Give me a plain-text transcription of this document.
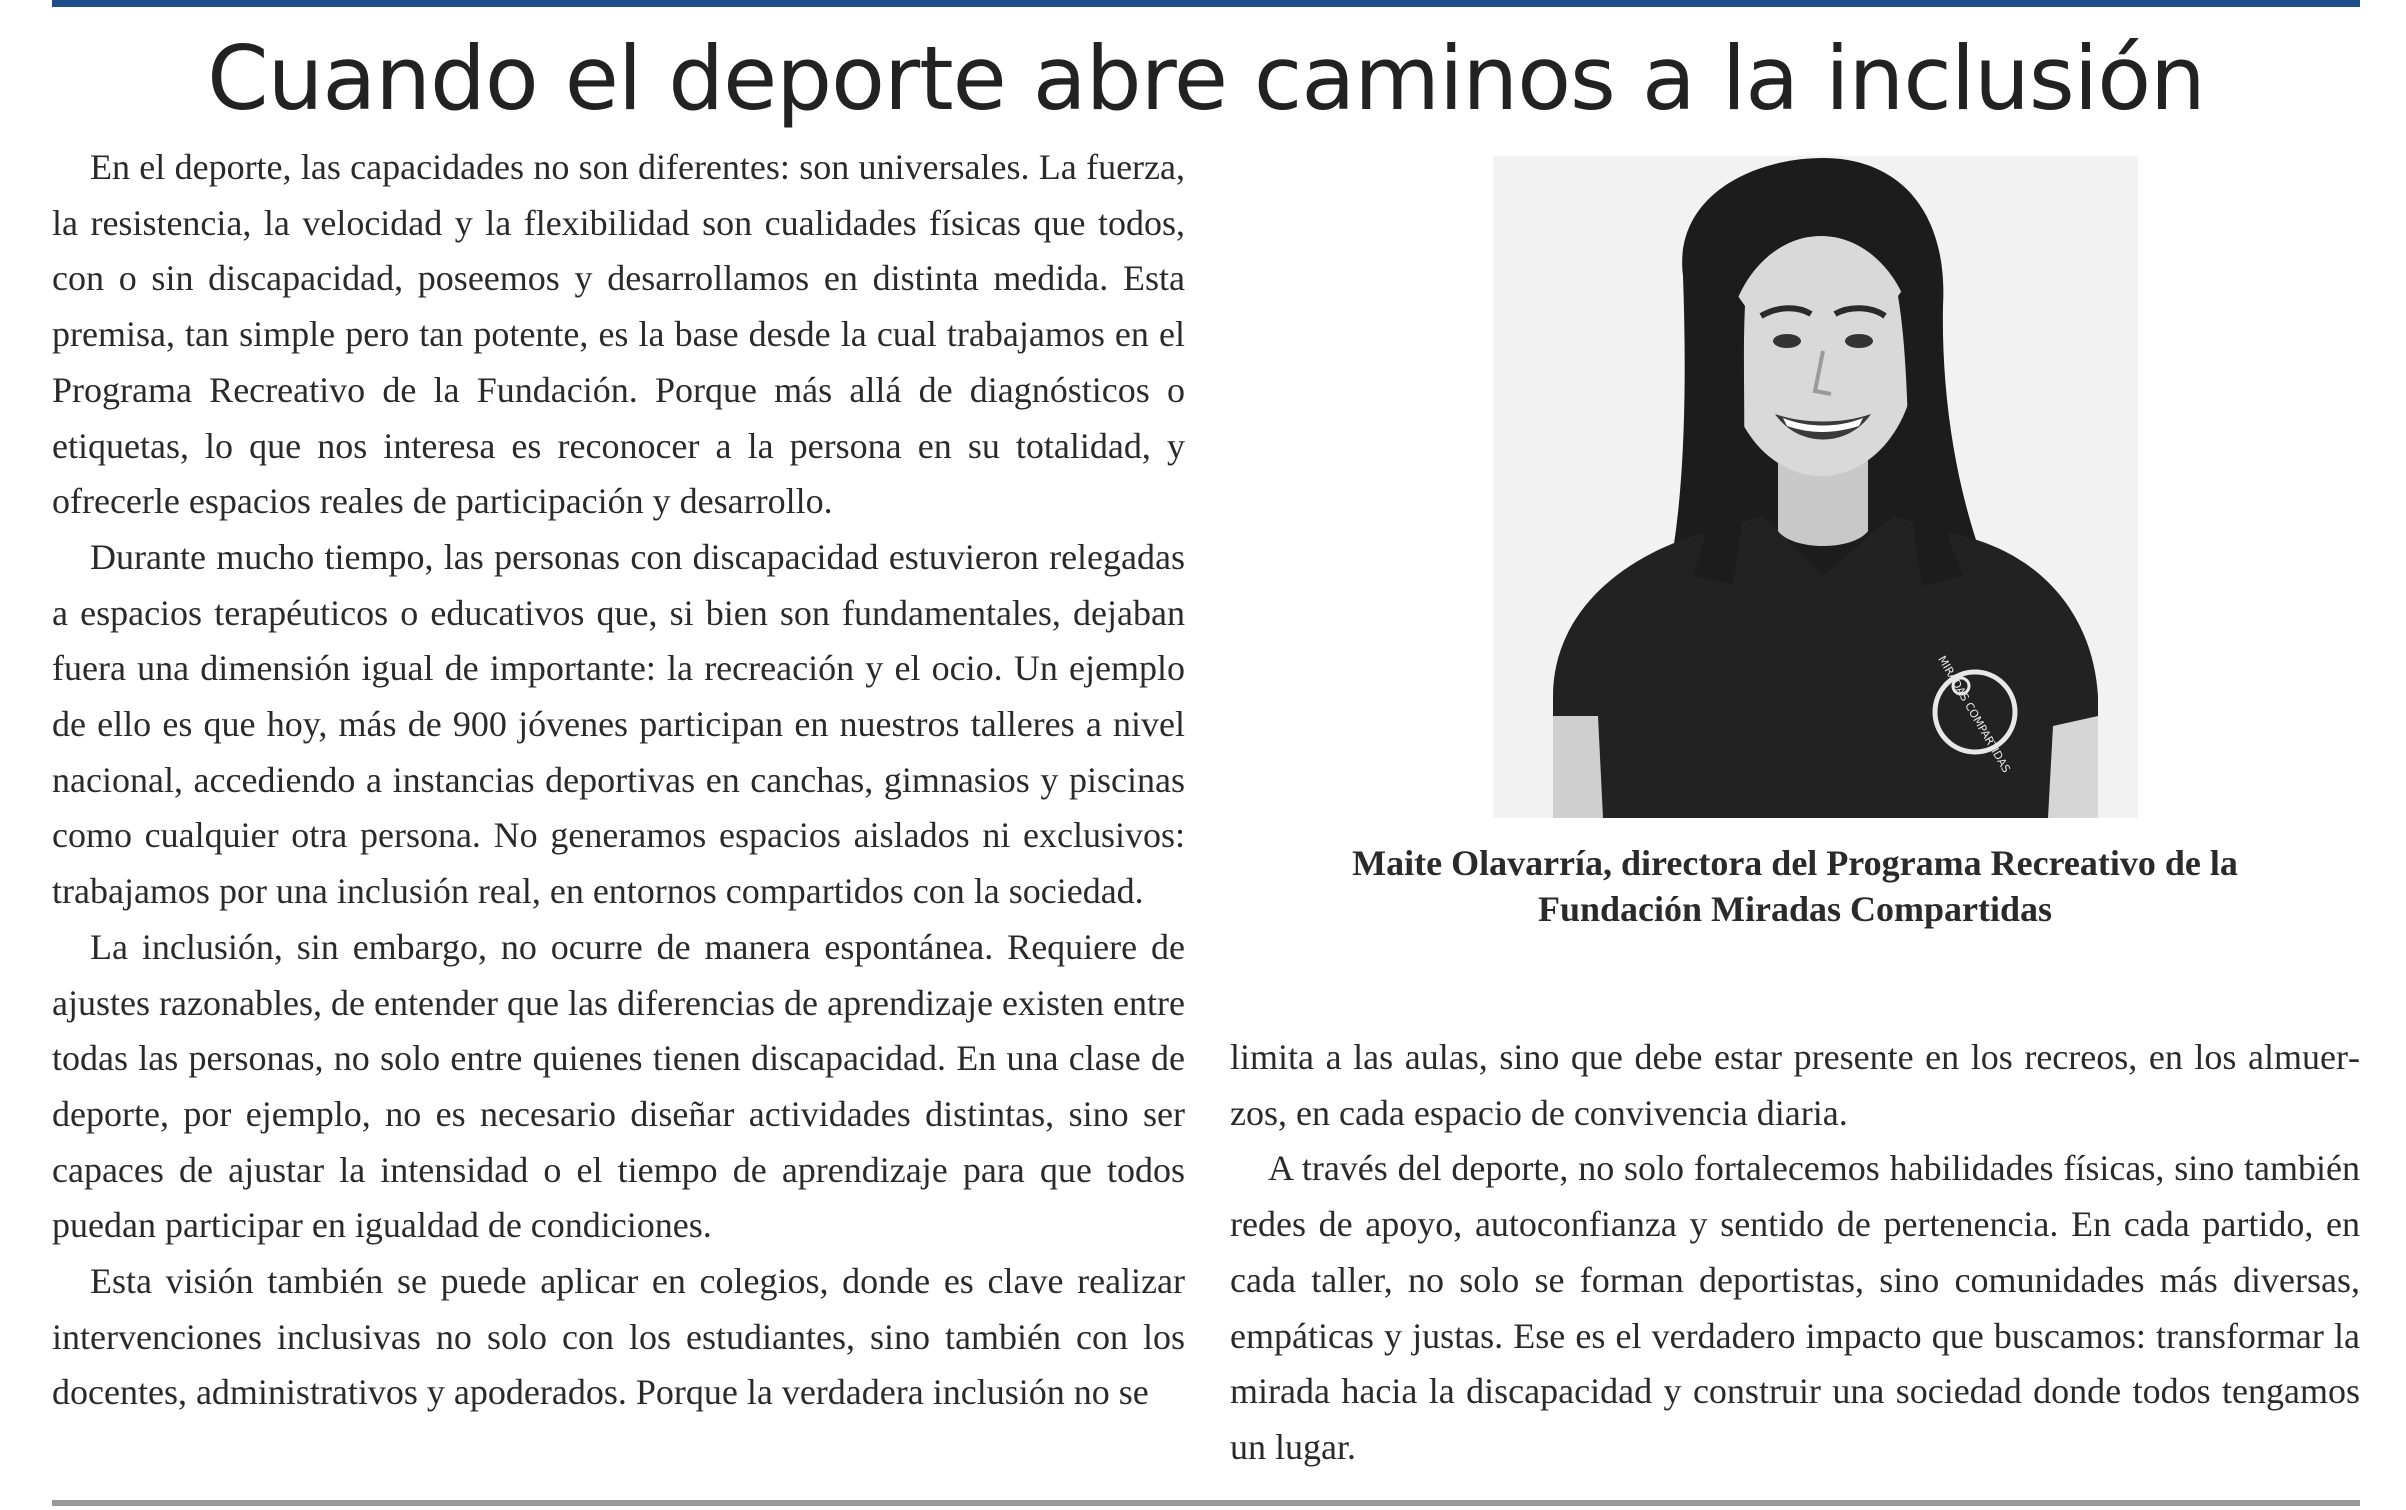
Cuando el deporte abre caminos a la inclusión

En el deporte, las capacidades no son diferentes: son universales. La fuerza, la resistencia, la velocidad y la flexibilidad son cualidades físicas que todos, con o sin discapacidad, poseemos y desarrollamos en distinta medida. Esta premisa, tan simple pero tan potente, es la base desde la cual trabajamos en el Programa Recreativo de la Fundación. Porque más allá de diagnósticos o etiquetas, lo que nos interesa es reconocer a la persona en su totalidad, y ofrecerle espacios reales de participación y desarrollo.

Durante mucho tiempo, las personas con discapacidad estuvieron relegadas a espacios terapéuticos o educativos que, si bien son fundamentales, dejaban fuera una dimensión igual de importante: la recreación y el ocio. Un ejemplo de ello es que hoy, más de 900 jóvenes participan en nuestros talleres a nivel nacional, accediendo a instancias deportivas en canchas, gimnasios y piscinas como cualquier otra persona. No generamos espacios aislados ni exclusivos: trabajamos por una inclusión real, en entornos compartidos con la sociedad.

La inclusión, sin embargo, no ocurre de manera espontánea. Requiere de ajustes razonables, de entender que las diferencias de aprendizaje existen entre todas las personas, no solo entre quienes tienen discapacidad. En una clase de deporte, por ejemplo, no es necesario diseñar actividades distintas, sino ser capaces de ajustar la intensidad o el tiempo de aprendizaje para que todos puedan participar en igualdad de condiciones.

Esta visión también se puede aplicar en colegios, donde es clave realizar intervenciones inclusivas no solo con los estudiantes, sino también con los docentes, administrativos y apoderados. Porque la verdadera inclusión no se

MIRADAS COMPARTIDAS

Maite Olavarría, directora del Programa Recreativo de la
Fundación Miradas Compartidas

limita a las aulas, sino que debe estar presente en los recreos, en los almuerzos, en cada espacio de convivencia diaria.

A través del deporte, no solo fortalecemos habilidades físicas, sino también redes de apoyo, autoconfianza y sentido de pertenencia. En cada partido, en cada taller, no solo se forman deportistas, sino comunidades más diversas, empáticas y justas. Ese es el verdadero impacto que buscamos: transformar la mirada hacia la discapacidad y construir una sociedad donde todos tengamos un lugar.
